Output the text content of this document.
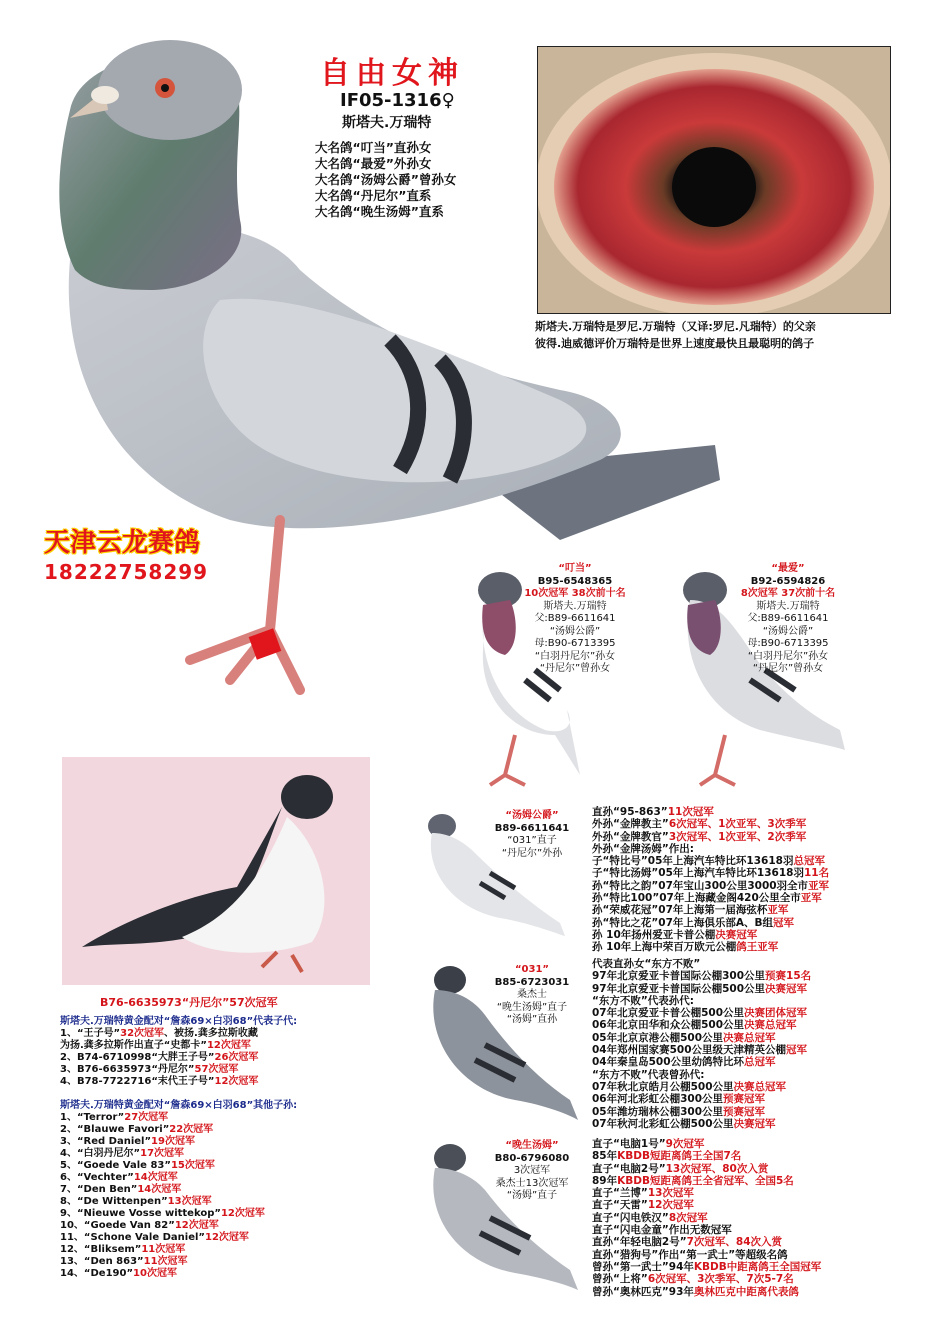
自由女神
IF05-1316♀
斯塔夫.万瑞特
大名鸽“叮当”直孙女
大名鸽“最爱”外孙女
大名鸽“汤姆公爵”曾孙女
大名鸽“丹尼尔”直系
大名鸽“晚生汤姆”直系
斯塔夫.万瑞特是罗尼.万瑞特（又译:罗尼.凡瑞特）的父亲
彼得.迪威德评价万瑞特是世界上速度最快且最聪明的鸽子
天津云龙赛鸽
18222758299	“叮当”
B95-6548365
10次冠军 38次前十名
斯塔夫.万瑞特
父:B89-6611641
“汤姆公爵”
母:B90-6713395
“白羽丹尼尔”孙女
“丹尼尔”曾孙女
“最爱”
B92-6594826
8次冠军 37次前十名
斯塔夫.万瑞特
父:B89-6611641
“汤姆公爵”
母:B90-6713395
“白羽丹尼尔”孙女
“丹尼尔”曾孙女
B76-6635973“丹尼尔”57次冠军
斯塔夫.万瑞特黄金配对“詹森69×白羽68”代表子代:
1、“王子号”32次冠军、被扬.龚多拉斯收藏
为扬.龚多拉斯作出直子“史都卡”12次冠军
2、B74-6710998“大胖王子号”26次冠军
3、B76-6635973“丹尼尔”57次冠军
4、B78-7722716“末代王子号”12次冠军
斯塔夫.万瑞特黄金配对“詹森69×白羽68”其他子孙:
1、“Terror”27次冠军
2、“Blauwe Favori”22次冠军
3、“Red Daniel”19次冠军
4、“白羽丹尼尔”17次冠军
5、“Goede Vale 83”15次冠军
6、“Vechter”14次冠军
7、“Den Ben”14次冠军
8、“De Wittenpen”13次冠军
9、“Nieuwe Vosse wittekop”12次冠军
10、“Goede Van 82”12次冠军
11、“Schone Vale Daniel”12次冠军
12、“Bliksem”11次冠军
13、“Den 863”11次冠军
14、“De190”10次冠军
“汤姆公爵”
B89-6611641
“031”直子
“丹尼尔”外孙
直孙“95-863”11次冠军
外孙“金牌教主”6次冠军、1次亚军、3次季军
外孙“金牌教官”3次冠军、1次亚军、2次季军
外孙“金牌汤姆”作出:
子“特比号”05年上海汽车特比环13618羽总冠军
子“特比汤姆”05年上海汽车特比环13618羽11名
孙“特比之韵”07年宝山300公里3000羽全市亚军
孙“特比100”07年上海藏金阁420公里全市亚军
孙“荣威花冠”07年上海第一届海弦杯亚军
孙“特比之花”07年上海俱乐部A、B组冠军
孙 10年扬州爱亚卡普公棚决赛冠军
孙 10年上海中荣百万欧元公棚鸽王亚军
“031”
B85-6723031
桑杰士
“晚生汤姆”直子
“汤姆”直孙
代表直孙女“东方不败”
97年北京爱亚卡普国际公棚300公里预赛15名
97年北京爱亚卡普国际公棚500公里决赛冠军
“东方不败”代表孙代:
07年北京爱亚卡普公棚500公里决赛团体冠军
06年北京田华和众公棚500公里决赛总冠军
05年北京京港公棚500公里决赛总冠军
04年郑州国家赛500公里级天津精英公棚冠军
04年秦皇岛500公里幼鸽特比环总冠军
“东方不败”代表曾孙代:
07年秋北京皓月公棚500公里决赛总冠军
06年河北彩虹公棚300公里预赛冠军
05年潍坊瑞林公棚300公里预赛冠军
07年秋河北彩虹公棚500公里决赛冠军
“晚生汤姆”
B80-6796080
3次冠军
桑杰士13次冠军
“汤姆”直子
直子“电脑1号”9次冠军
85年KBDB短距离鸽王全国7名
直子“电脑2号”13次冠军、80次入赏
89年KBDB短距离鸽王全省冠军、全国5名
直子“兰博”13次冠军
直子“天雷”12次冠军
直子“闪电铁汉”8次冠军
直子“闪电金童”作出无数冠军
直孙“年轻电脑2号”7次冠军、84次入赏
直孙“猎狗号”作出“第一武士”等超级名鸽
曾孙“第一武士”94年KBDB中距离鸽王全国冠军
曾孙“上将”6次冠军、3次季军、7次5-7名
曾孙“奥林匹克”93年奥林匹克中距离代表鸽
